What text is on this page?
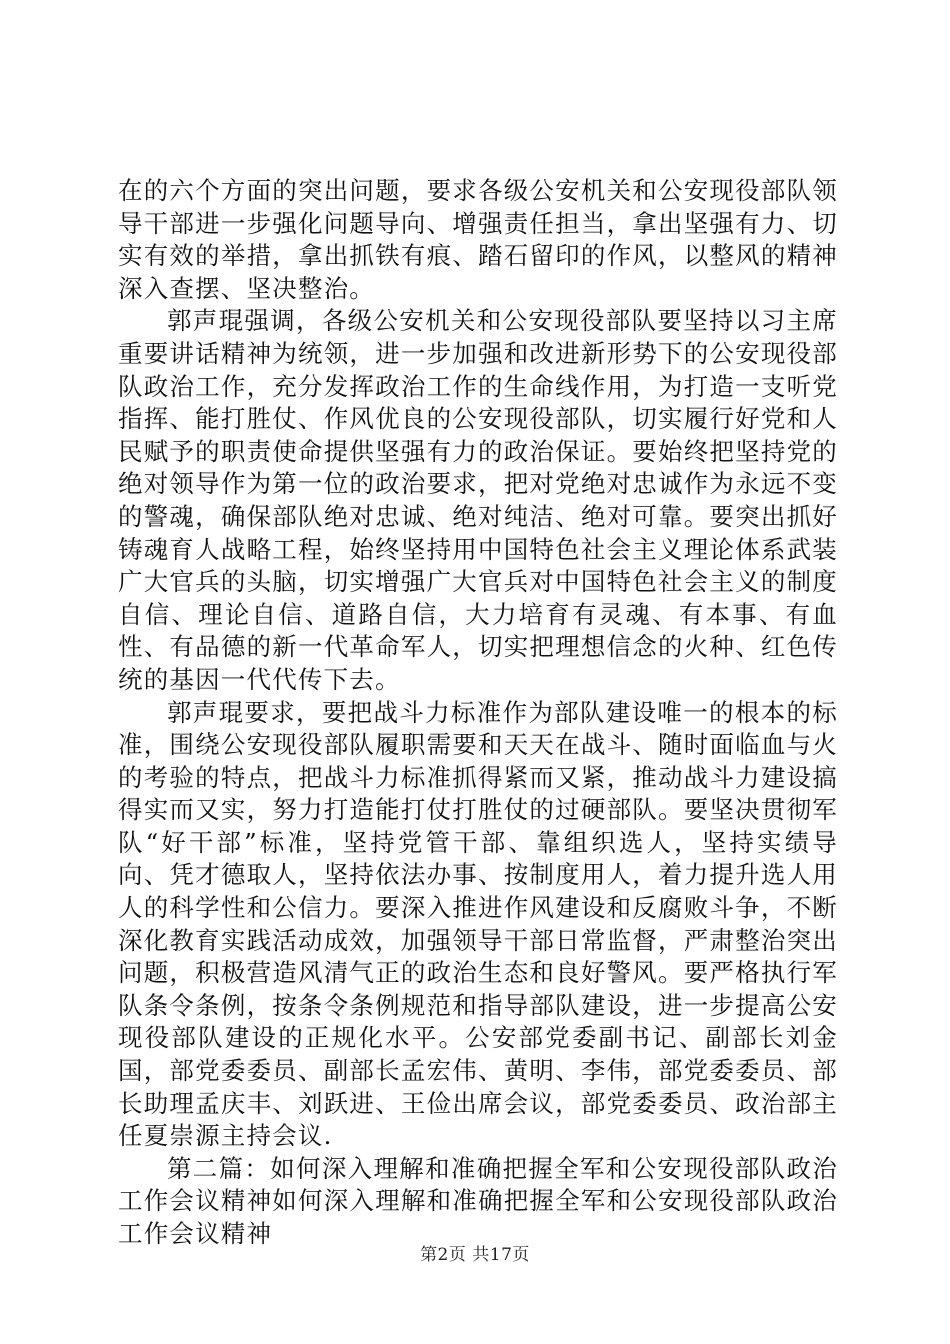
在的六个方面的突出问题，要求各级公安机关和公安现役部队领导干部进一步强化问题导向、增强责任担当，拿出坚强有力、切实有效的举措，拿出抓铁有痕、踏石留印的作风，以整风的精神深入查摆、坚决整治。

郭声琨强调，各级公安机关和公安现役部队要坚持以习主席重要讲话精神为统领，进一步加强和改进新形势下的公安现役部队政治工作，充分发挥政治工作的生命线作用，为打造一支听党指挥、能打胜仗、作风优良的公安现役部队，切实履行好党和人民赋予的职责使命提供坚强有力的政治保证。要始终把坚持党的绝对领导作为第一位的政治要求，把对党绝对忠诚作为永远不变的警魂，确保部队绝对忠诚、绝对纯洁、绝对可靠。要突出抓好铸魂育人战略工程，始终坚持用中国特色社会主义理论体系武装广大官兵的头脑，切实增强广大官兵对中国特色社会主义的制度自信、理论自信、道路自信，大力培育有灵魂、有本事、有血性、有品德的新一代革命军人，切实把理想信念的火种、红色传统的基因一代代传下去。

郭声琨要求，要把战斗力标准作为部队建设唯一的根本的标准，围绕公安现役部队履职需要和天天在战斗、随时面临血与火的考验的特点，把战斗力标准抓得紧而又紧，推动战斗力建设搞得实而又实，努力打造能打仗打胜仗的过硬部队。要坚决贯彻军队“好干部”标准，坚持党管干部、靠组织选人，坚持实绩导向、凭才德取人，坚持依法办事、按制度用人，着力提升选人用人的科学性和公信力。要深入推进作风建设和反腐败斗争，不断深化教育实践活动成效，加强领导干部日常监督，严肃整治突出问题，积极营造风清气正的政治生态和良好警风。要严格执行军队条令条例，按条令条例规范和指导部队建设，进一步提高公安现役部队建设的正规化水平。公安部党委副书记、副部长刘金国，部党委委员、副部长孟宏伟、黄明、李伟，部党委委员、部长助理孟庆丰、刘跃进、王俭出席会议，部党委委员、政治部主任夏崇源主持会议.

第二篇：如何深入理解和准确把握全军和公安现役部队政治工作会议精神如何深入理解和准确把握全军和公安现役部队政治工作会议精神

第2页 共17页
